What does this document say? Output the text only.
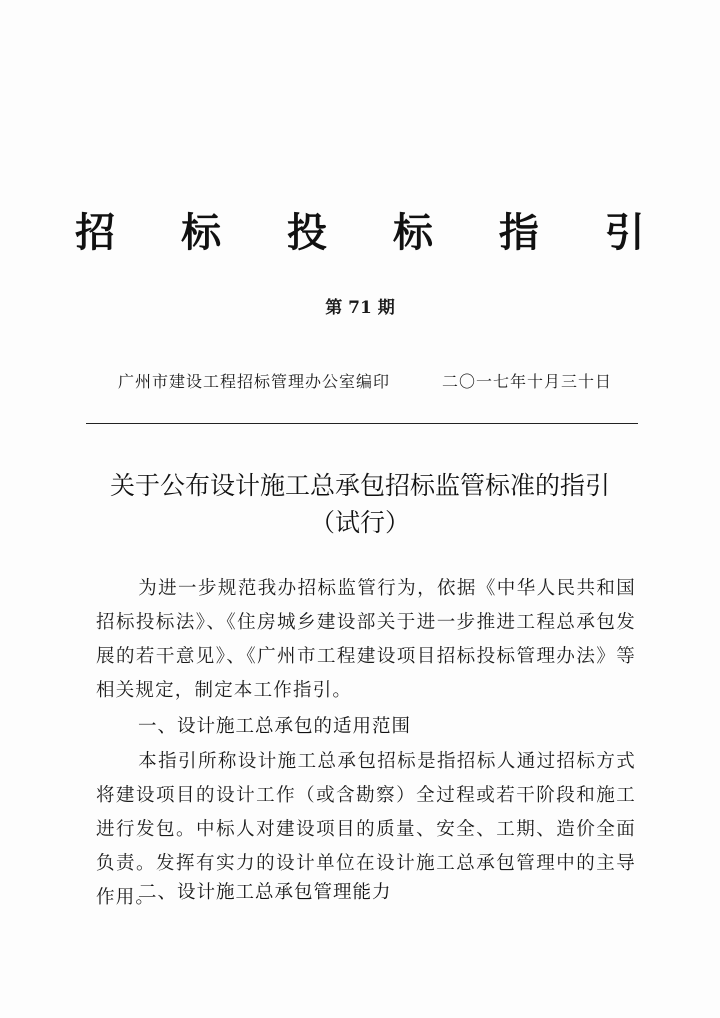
招 标 投 标 指 引
第 71 期
广州市建设工程招标管理办公室编印	二〇一七年十月三十日
关于公布设计施工总承包招标监管标准的指引
（试行）
为进一步规范我办招标监管行为，依据《中华人民共和国招标投标法》、《住房城乡建设部关于进一步推进工程总承包发展的若干意见》、《广州市工程建设项目招标投标管理办法》等相关规定，制定本工作指引。
一、设计施工总承包的适用范围
本指引所称设计施工总承包招标是指招标人通过招标方式将建设项目的设计工作（或含勘察）全过程或若干阶段和施工进行发包。中标人对建设项目的质量、安全、工期、造价全面负责。发挥有实力的设计单位在设计施工总承包管理中的主导作用。
二、设计施工总承包管理能力
